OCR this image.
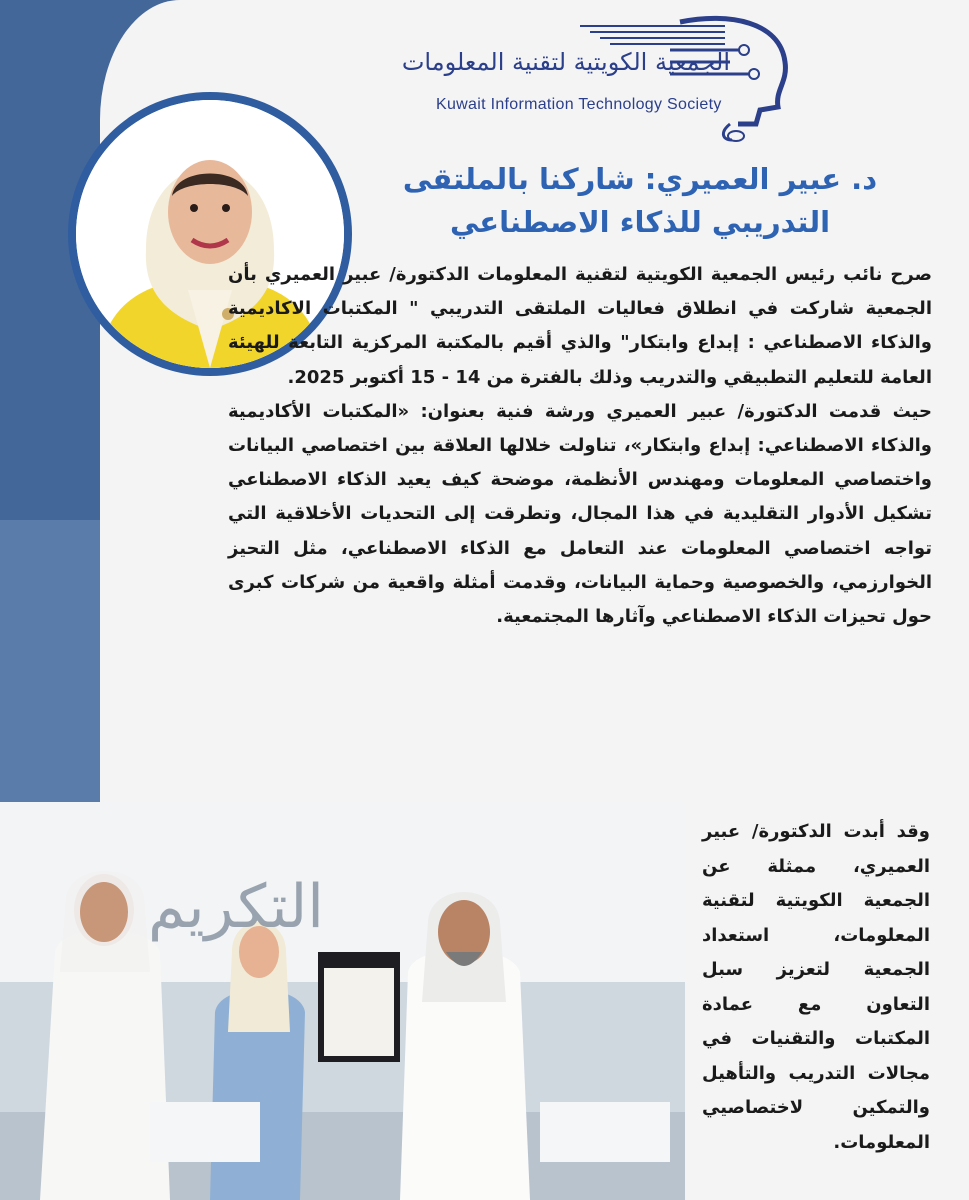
الجمعية الكويتية لتقنية المعلومات
Kuwait Information Technology Society
د. عبير العميري: شاركنا بالملتقى التدريبي للذكاء الاصطناعي

صرح نائب رئيس الجمعية الكويتية لتقنية المعلومات الدكتورة/ عبير العميري بأن الجمعية شاركت في انطلاق فعاليات الملتقى التدريبي " المكتبات الاكاديمية والذكاء الاصطناعي : إبداع وابتكار" والذي أقيم بالمكتبة المركزية التابعة للهيئة العامة للتعليم التطبيقي والتدريب وذلك بالفترة من 14 - 15 أكتوبر 2025.

حيث قدمت الدكتورة/ عبير العميري ورشة فنية بعنوان: «المكتبات الأكاديمية والذكاء الاصطناعي: إبداع وابتكار»، تناولت خلالها العلاقة بين اختصاصي البيانات واختصاصي المعلومات ومهندس الأنظمة، موضحة كيف يعيد الذكاء الاصطناعي تشكيل الأدوار التقليدية في هذا المجال، وتطرقت إلى التحديات الأخلاقية التي تواجه اختصاصي المعلومات عند التعامل مع الذكاء الاصطناعي، مثل التحيز الخوارزمي، والخصوصية وحماية البيانات، وقدمت أمثلة واقعية من شركات كبرى حول تحيزات الذكاء الاصطناعي وآثارها المجتمعية.

وقد أبدت الدكتورة/ عبير العميري، ممثلة عن الجمعية الكويتية لتقنية المعلومات، استعداد الجمعية لتعزيز سبل التعاون مع عمادة المكتبات والتقنيات في مجالات التدريب والتأهيل والتمكين لاختصاصيي المعلومات.
التكريم
